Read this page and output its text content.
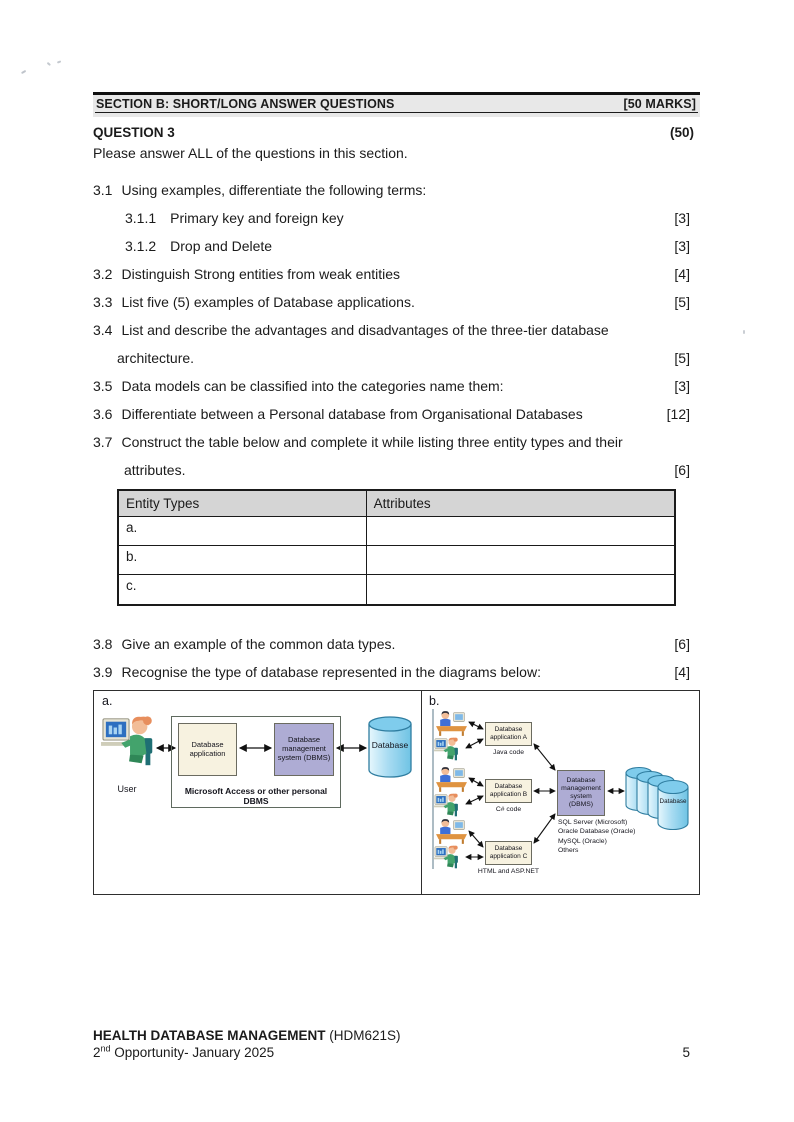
SECTION B: SHORT/LONG ANSWER QUESTIONS	[50 MARKS]
QUESTION 3	(50)
Please answer ALL of the questions in this section.
3.1 Using examples, differentiate the following terms:
3.1.1 Primary key and foreign key	[3]
3.1.2 Drop and Delete	[3]
3.2 Distinguish Strong entities from weak entities	[4]
3.3 List five (5) examples of Database applications.	[5]
3.4 List and describe the advantages and disadvantages of the three-tier database
architecture.	[5]
3.5 Data models can be classified into the categories name them:	[3]
3.6 Differentiate between a Personal database from Organisational Databases	[12]
3.7 Construct the table below and complete it while listing three entity types and their
attributes.	[6]
Entity Types	Attributes
a.	
b.	
c.	
3.8 Give an example of the common data types.	[6]
3.9 Recognise the type of database represented in the diagrams below:	[4]
a.
User
Database application
Database management system (DBMS)
Microsoft Access or other personal DBMS
Database
b.
Database application A
Java code
Database application B
C# code
Database application C
HTML and ASP.NET
Database management system (DBMS)
SQL Server (Microsoft)
Oracle Database (Oracle)
MySQL (Oracle)
Others
Database
HEALTH DATABASE MANAGEMENT (HDM621S)
2nd Opportunity- January 2025	5
